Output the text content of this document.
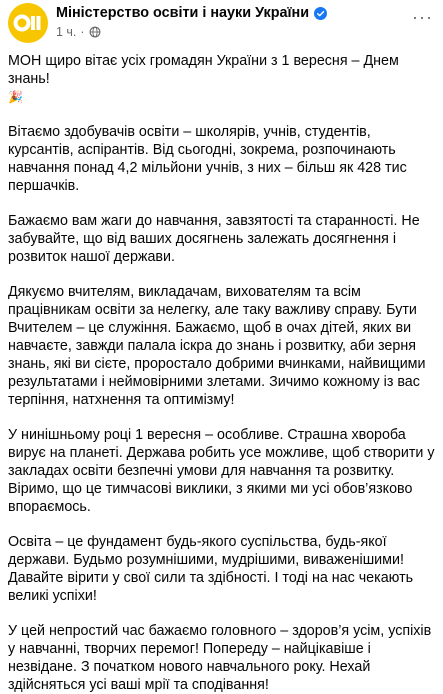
Міністерство освіти і науки України
1 ч. ·
···

МОН щиро вітає усіх громадян України з 1 вересня – Днем знань!
🎉

Вітаємо здобувачів освіти – школярів, учнів, студентів, курсантів, аспірантів. Від сьогодні, зокрема, розпочинають навчання понад 4,2 мільйони учнів, з них – більш як 428 тис першачків.

Бажаємо вам жаги до навчання, завзятості та старанності. Не забувайте, що від ваших досягнень залежать досягнення і розвиток нашої держави.

Дякуємо вчителям, викладачам, вихователям та всім працівникам освіти за нелегку, але таку важливу справу. Бути Вчителем – це служіння. Бажаємо, щоб в очах дітей, яких ви навчаєте, завжди палала іскра до знань і розвитку, аби зерня знань, які ви сієте, проростало добрими вчинками, найвищими результатами і неймовірними злетами. Зичимо кожному із вас терпіння, натхнення та оптимізму!

У нинішньому році 1 вересня – особливе. Страшна хвороба вирує на планеті. Держава робить усе можливе, щоб створити у закладах освіти безпечні умови для навчання та розвитку. Віримо, що це тимчасові виклики, з якими ми усі обов’язково впораємось.

Освіта – це фундамент будь-якого суспільства, будь-якої держави. Будьмо розумнішими, мудрішими, виваженішими! Давайте вірити у свої сили та здібності. І тоді на нас чекають великі успіхи!

У цей непростий час бажаємо головного – здоров’я усім, успіхів у навчанні, творчих перемог! Попереду – найцікавіше і незвідане. З початком нового навчального року. Нехай здійсняться усі ваші мрії та сподівання!
